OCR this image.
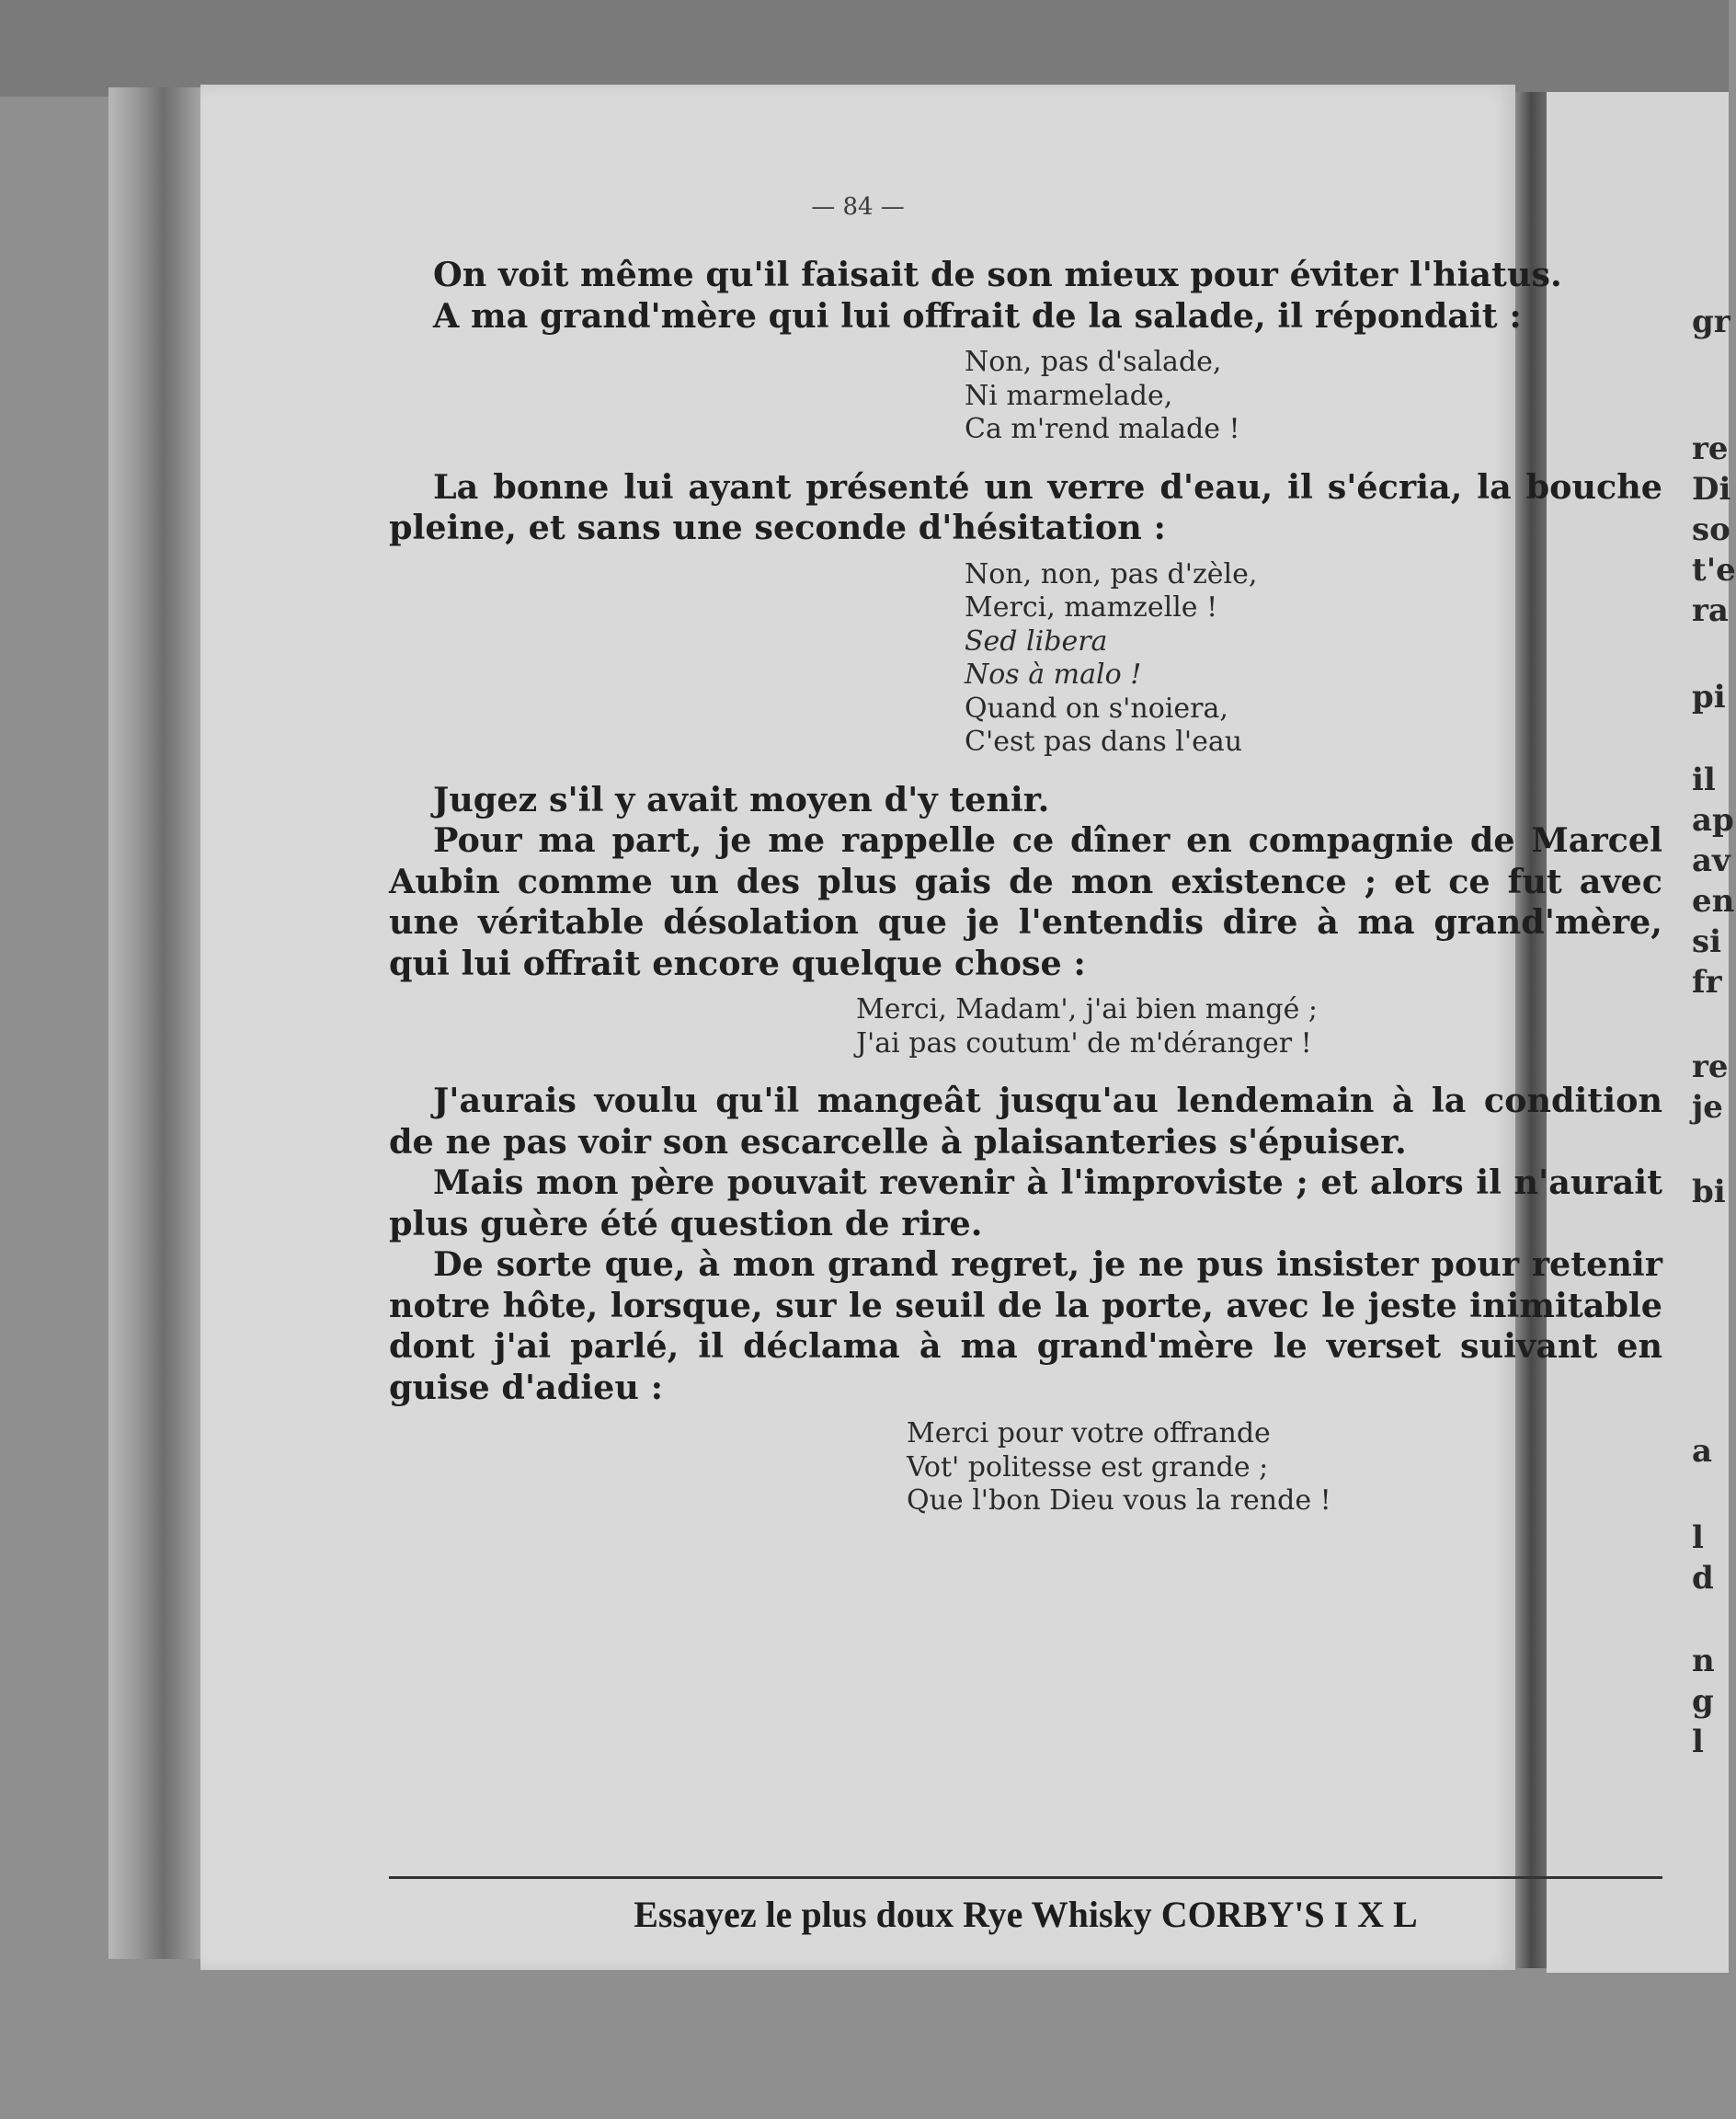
— 84 —

On voit même qu'il faisait de son mieux pour éviter l'hiatus.

A ma grand'mère qui lui offrait de la salade, il répondait :

Non, pas d'salade,
Ni marmelade,
Ca m'rend malade !

La bonne lui ayant présenté un verre d'eau, il s'écria, la bouche pleine, et sans une seconde d'hésitation :

Non, non, pas d'zèle,
Merci, mamzelle !
Sed libera
Nos à malo !
Quand on s'noiera,
C'est pas dans l'eau

Jugez s'il y avait moyen d'y tenir.

Pour ma part, je me rappelle ce dîner en compagnie de Marcel Aubin comme un des plus gais de mon existence ; et ce fut avec une véritable désolation que je l'entendis dire à ma grand'mère, qui lui offrait encore quelque chose :

Merci, Madam', j'ai bien mangé ;
J'ai pas coutum' de m'déranger !

J'aurais voulu qu'il mangeât jusqu'au lendemain à la condition de ne pas voir son escarcelle à plaisanteries s'épuiser.

Mais mon père pouvait revenir à l'improviste ; et alors il n'aurait plus guère été question de rire.

De sorte que, à mon grand regret, je ne pus insister pour retenir notre hôte, lorsque, sur le seuil de la porte, avec le jeste inimitable dont j'ai parlé, il déclama à ma grand'mère le verset suivant en guise d'adieu :

Merci pour votre offrande
Vot' politesse est grande ;
Que l'bon Dieu vous la rende !
Essayez le plus doux Rye Whisky CORBY'S I X L
gr
re
Di
so
t'e
ra
pi
il
ap
av
en
si
fr
re
je
bi
a
l
d
n
g
l
